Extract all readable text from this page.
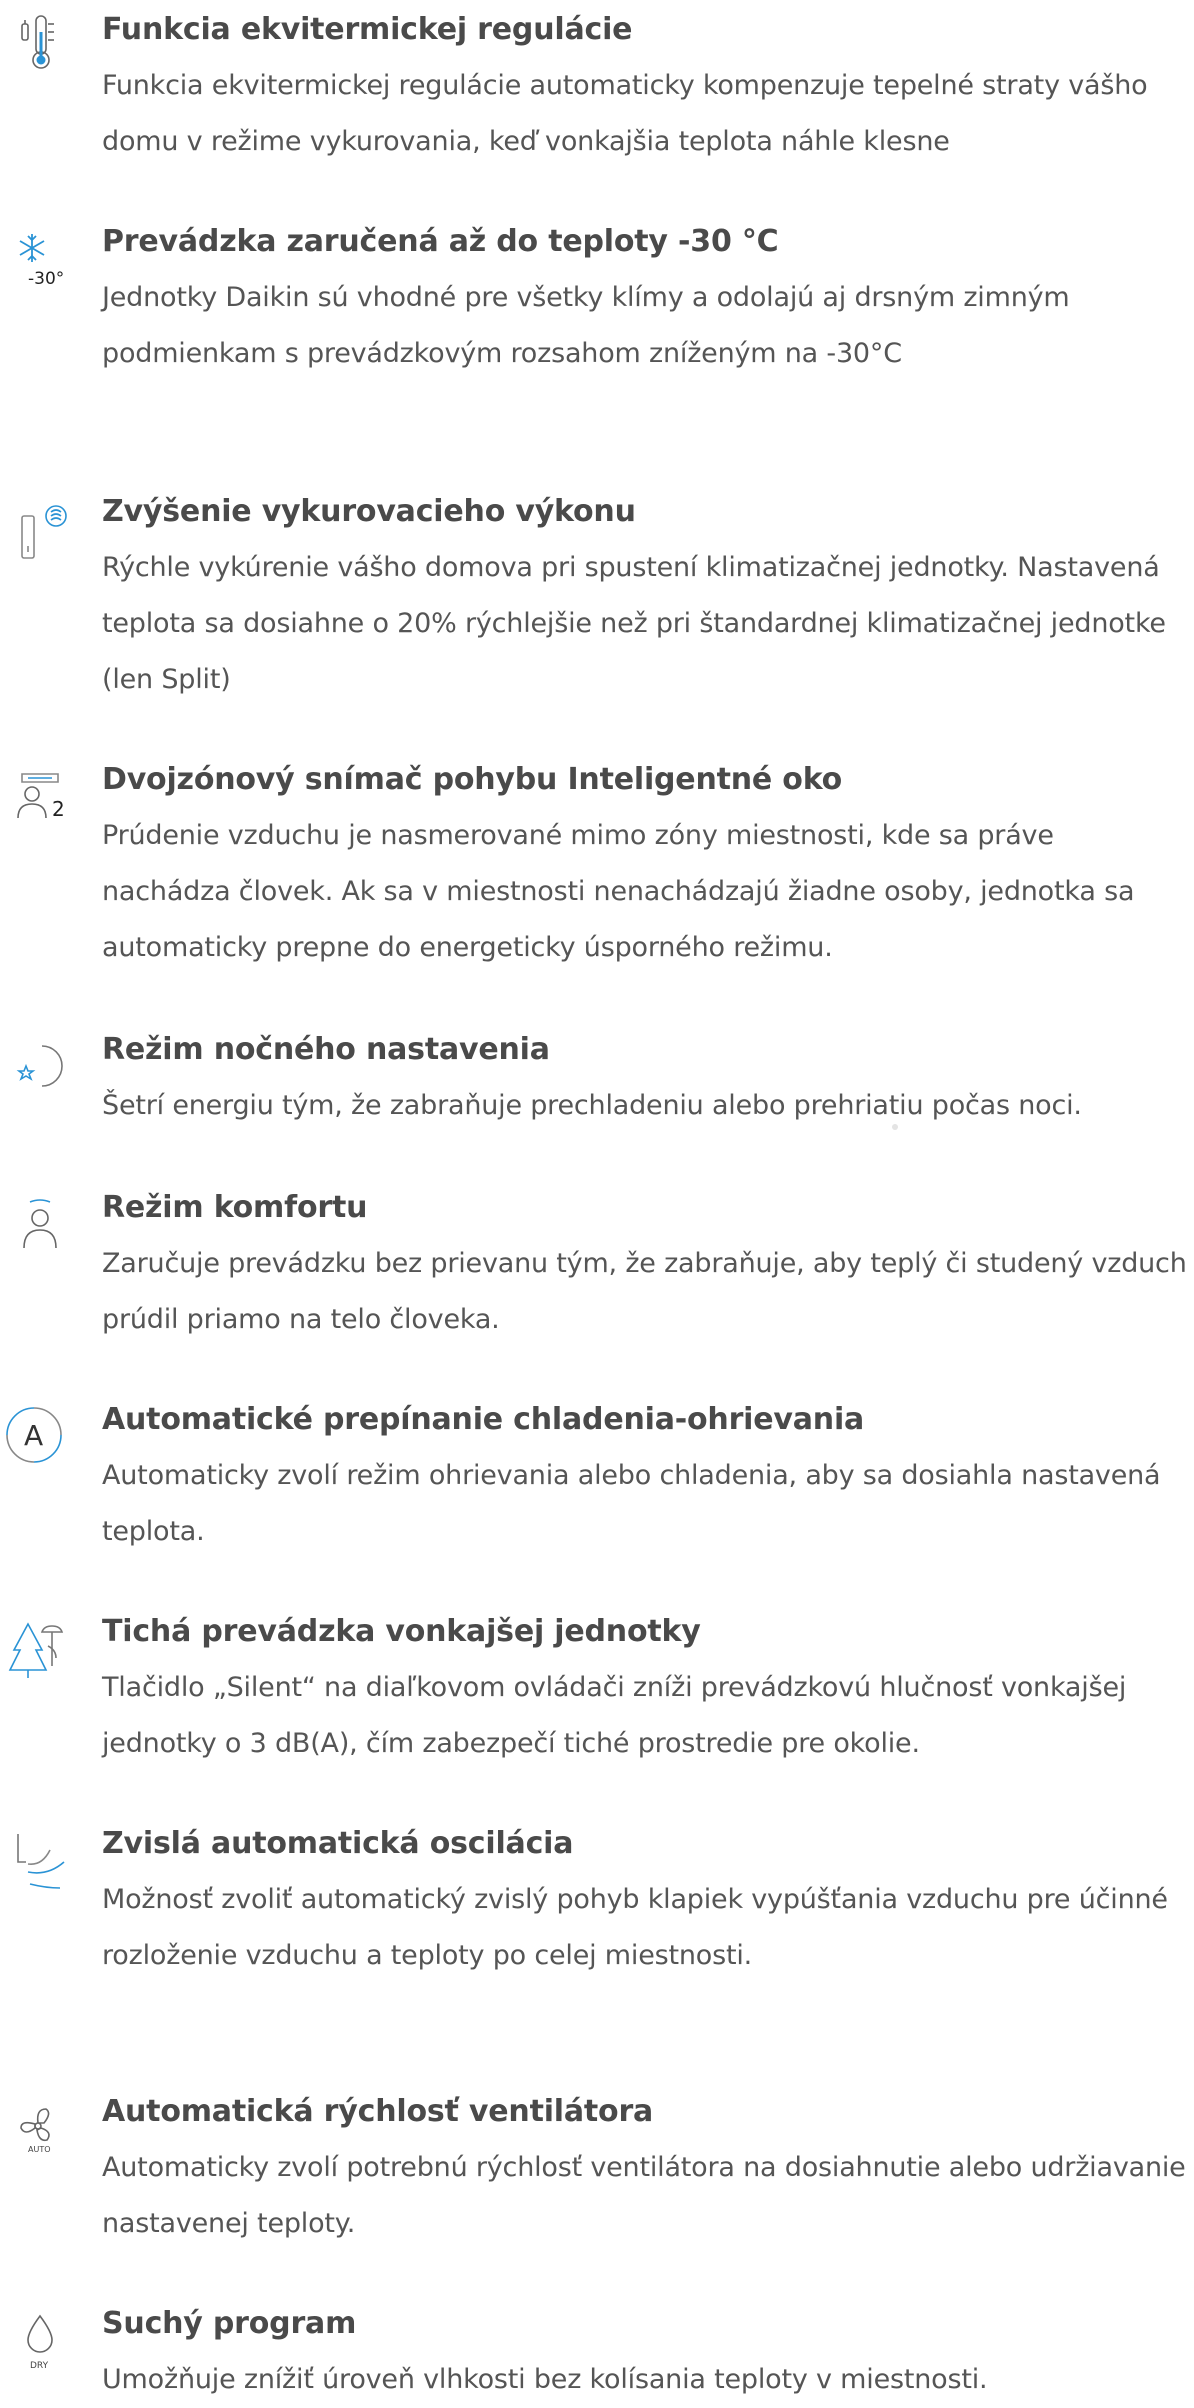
Funkcia ekvitermickej regulácie
Funkcia ekvitermickej regulácie automaticky kompenzuje tepelné straty vášho domu v režime vykurovania, keď vonkajšia teplota náhle klesne
-30°
Prevádzka zaručená až do teploty -30 °C
Jednotky Daikin sú vhodné pre všetky klímy a odolajú aj drsným zimným podmienkam s prevádzkovým rozsahom zníženým na -30°C
Zvýšenie vykurovacieho výkonu
Rýchle vykúrenie vášho domova pri spustení klimatizačnej jednotky. Nastavená teplota sa dosiahne o 20% rýchlejšie než pri štandardnej klimatizačnej jednotke (len Split)
2
Dvojzónový snímač pohybu Inteligentné oko
Prúdenie vzduchu je nasmerované mimo zóny miestnosti, kde sa práve nachádza človek. Ak sa v miestnosti nenachádzajú žiadne osoby, jednotka sa automaticky prepne do energeticky úsporného režimu.
Režim nočného nastavenia
Šetrí energiu tým, že zabraňuje prechladeniu alebo prehriatiu počas noci.
Režim komfortu
Zaručuje prevádzku bez prievanu tým, že zabraňuje, aby teplý či studený vzduch prúdil priamo na telo človeka.
A Automatické prepínanie chladenia-ohrievania
Automaticky zvolí režim ohrievania alebo chladenia, aby sa dosiahla nastavená teplota.
Tichá prevádzka vonkajšej jednotky
Tlačidlo „Silent“ na diaľkovom ovládači zníži prevádzkovú hlučnosť vonkajšej jednotky o 3 dB(A), čím zabezpečí tiché prostredie pre okolie.
Zvislá automatická oscilácia
Možnosť zvoliť automatický zvislý pohyb klapiek vypúšťania vzduchu pre účinné rozloženie vzduchu a teploty po celej miestnosti.
AUTO
Automatická rýchlosť ventilátora
Automaticky zvolí potrebnú rýchlosť ventilátora na dosiahnutie alebo udržiavanie nastavenej teploty.
DRY
Suchý program
Umožňuje znížiť úroveň vlhkosti bez kolísania teploty v miestnosti.
